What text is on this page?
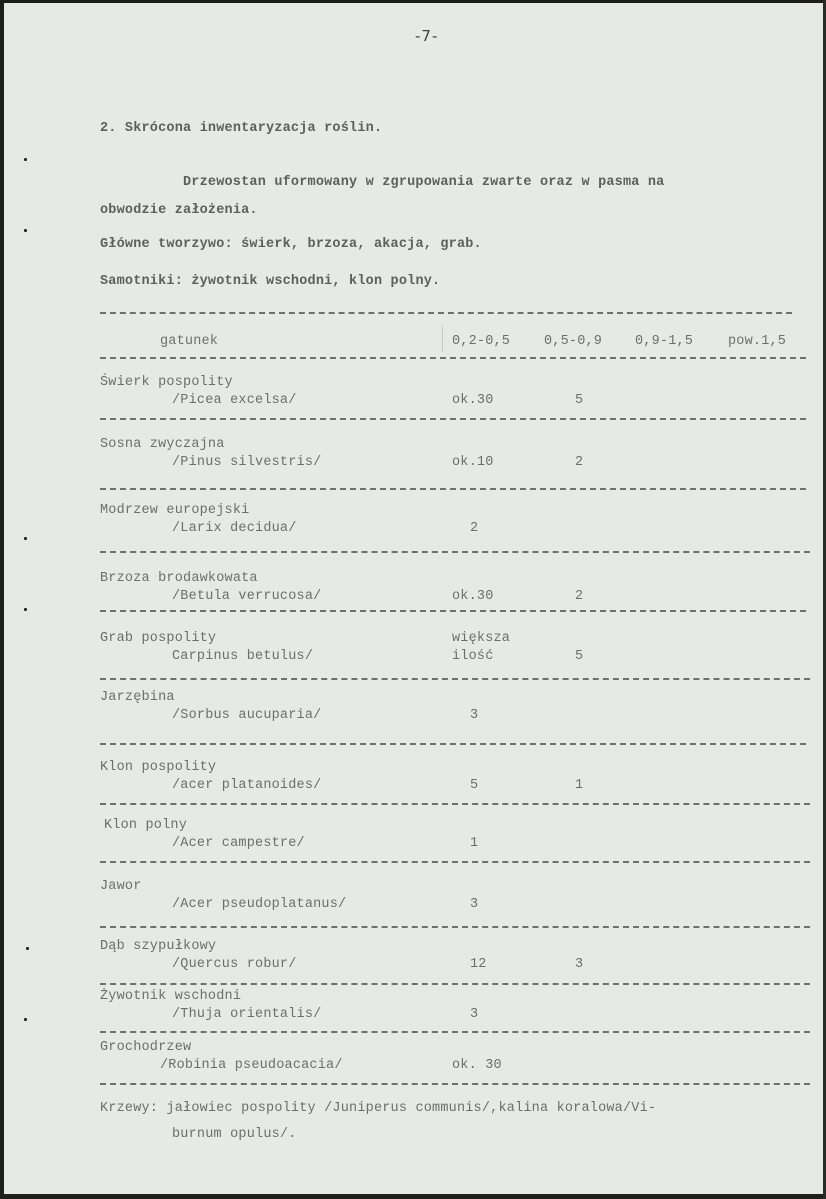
-7-
2. Skrócona inwentaryzacja roślin.
Drzewostan uformowany w zgrupowania zwarte oraz w pasma na
obwodzie założenia.
Główne tworzywo: świerk, brzoza, akacja, grab.
Samotniki: żywotnik wschodni, klon polny.
gatunek	0,2-0,5	0,5-0,9 0,9-1,5	pow.1,5
Świerk pospolity
/Picea excelsa/	ok.30	5
Sosna zwyczajna
/Pinus silvestris/	ok.10	2
Modrzew europejski
/Larix decidua/	2
Brzoza brodawkowata
/Betula verrucosa/	ok.30	2
Grab pospolity
Carpinus betulus/
większa
ilość	5
Jarzębina
/Sorbus aucuparia/	3
Klon pospolity
/acer platanoides/	5	1
Klon polny
/Acer campestre/	1
Jawor
/Acer pseudoplatanus/	3
Dąb szypułkowy
/Quercus robur/	12	3
Żywotnik wschodni
/Thuja orientalis/	3
Grochodrzew
/Robinia pseudoacacia/	ok. 30
Krzewy: jałowiec pospolity /Juniperus communis/,kalina koralowa/Vi-
burnum opulus/.
